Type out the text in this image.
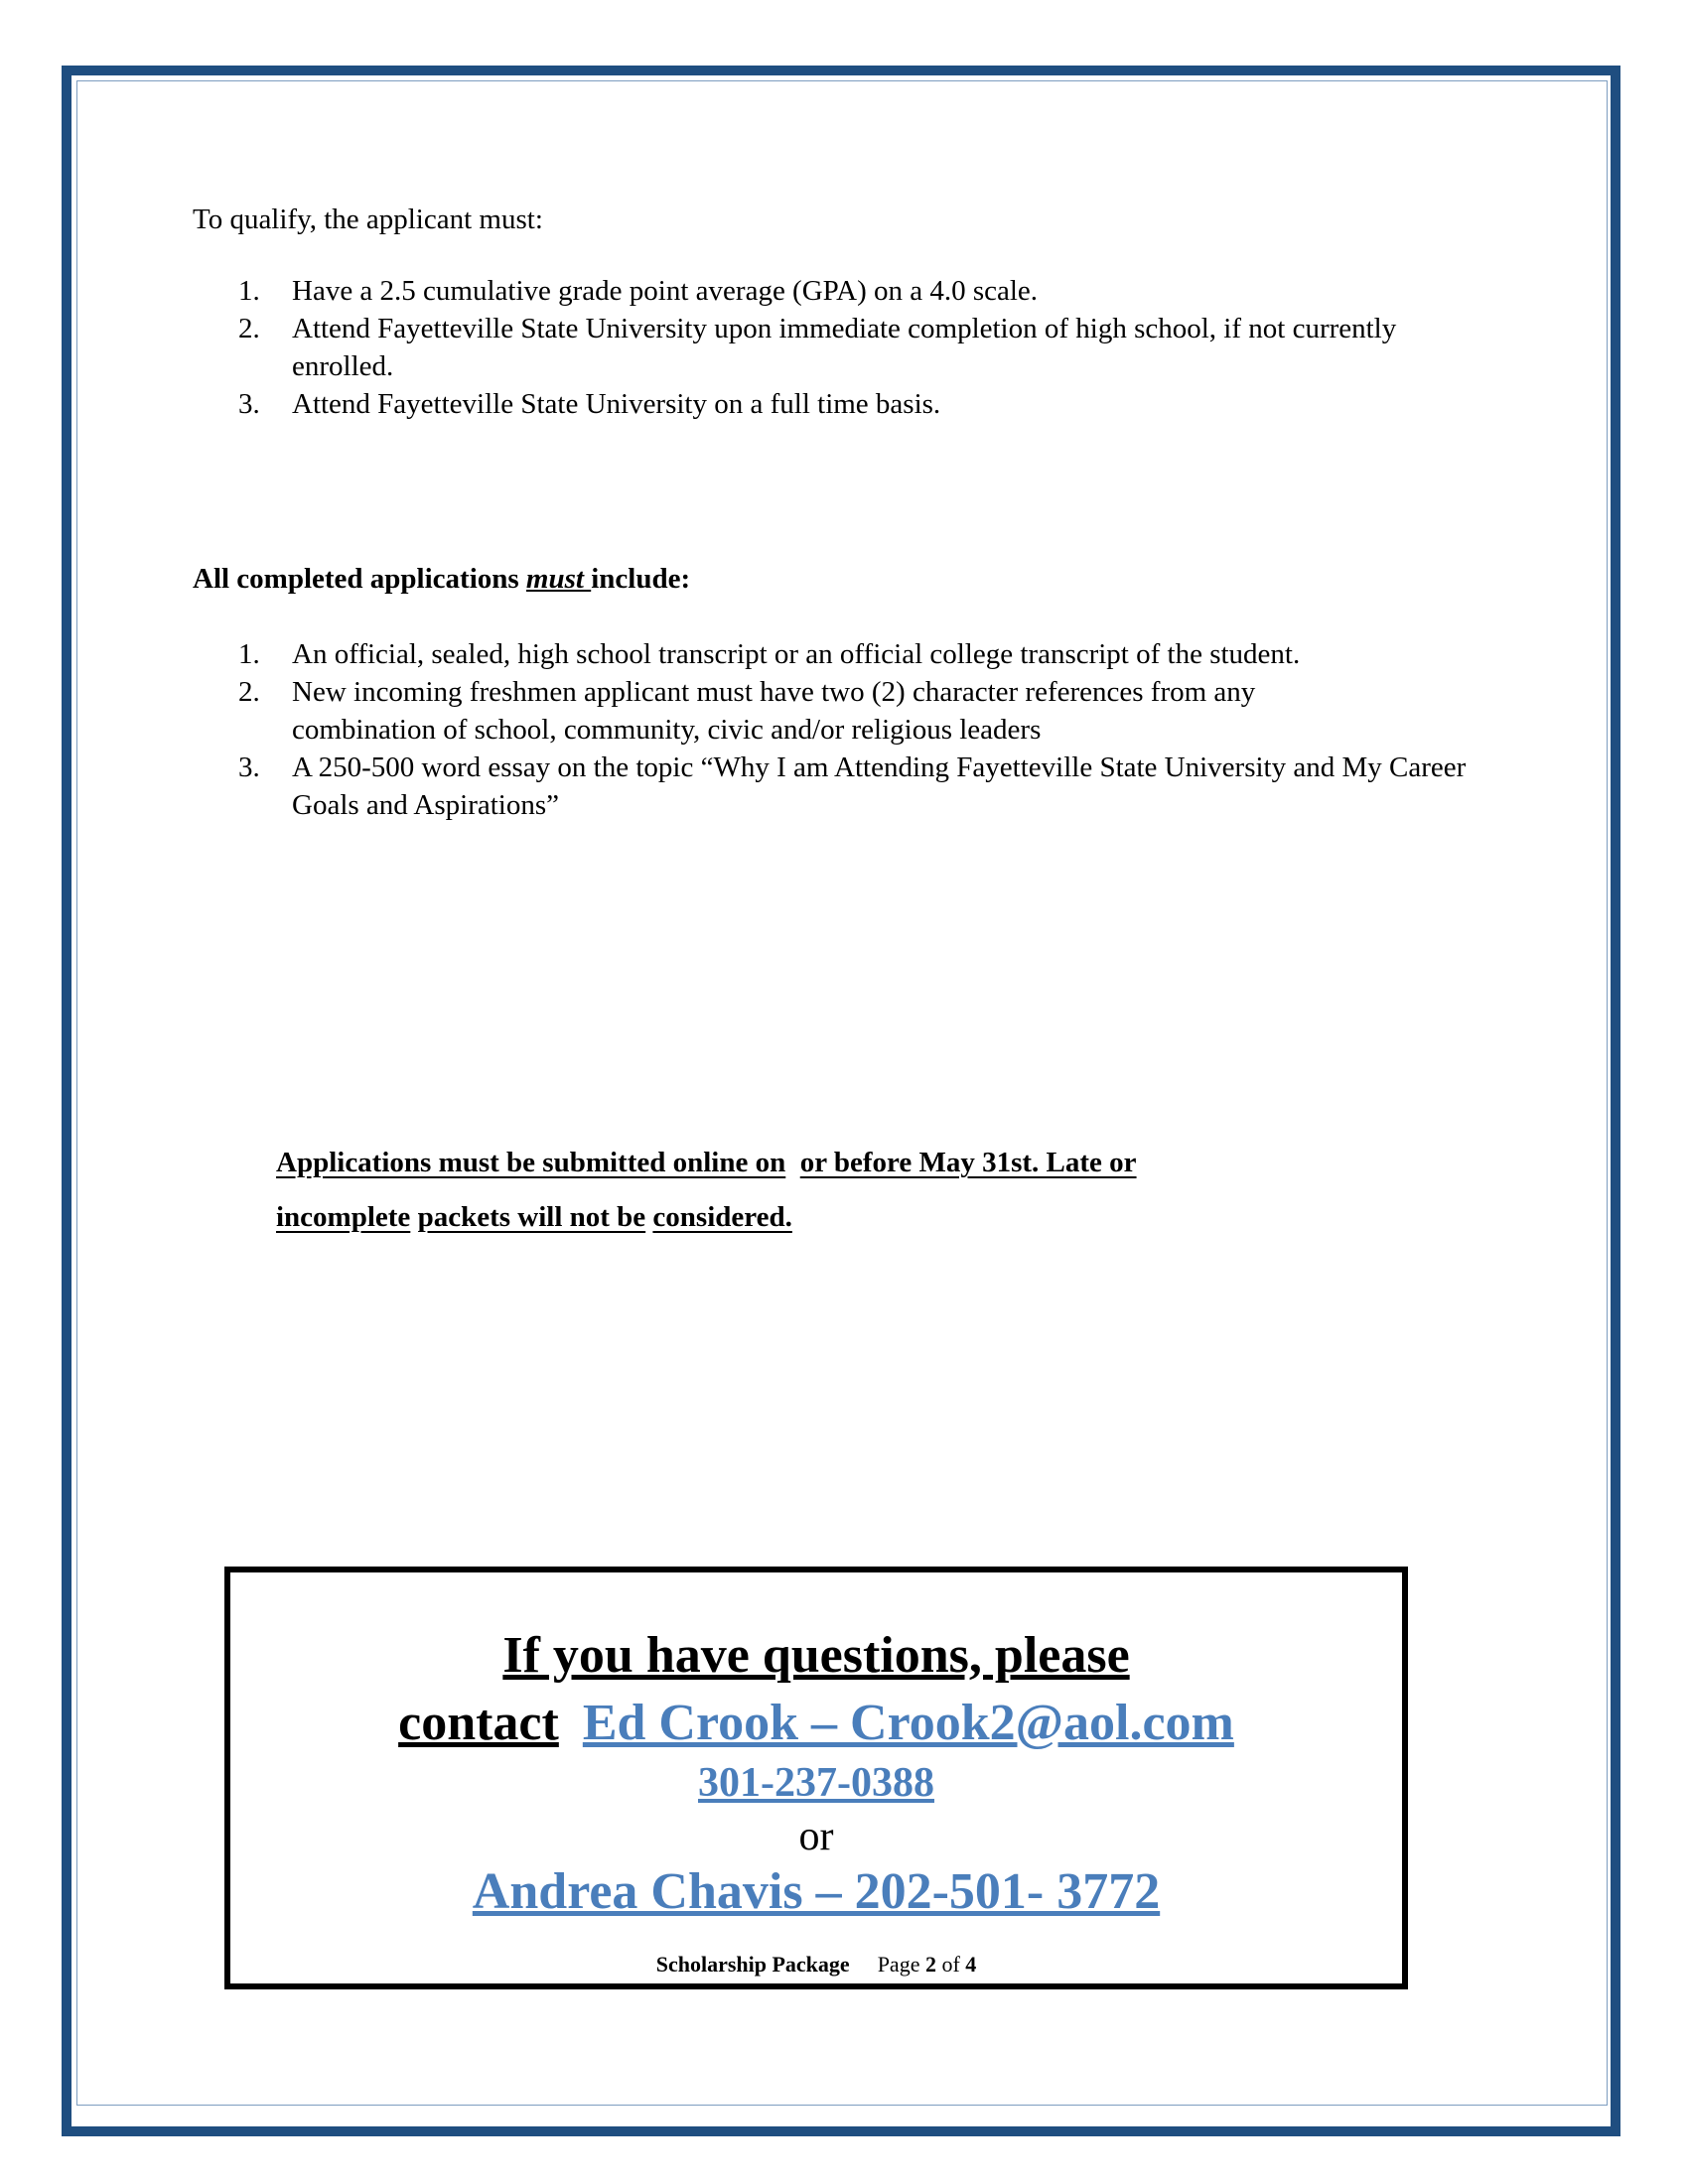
To qualify, the applicant must:
1. Have a 2.5 cumulative grade point average (GPA) on a 4.0 scale.
2. Attend Fayetteville State University upon immediate completion of high school, if not currently enrolled.
3. Attend Fayetteville State University on a full time basis.
All completed applications must include:
1. An official, sealed, high school transcript or an official college transcript of the student.
2. New incoming freshmen applicant must have two (2) character references from any combination of school, community, civic and/or religious leaders
3. A 250-500 word essay on the topic “Why I am Attending Fayetteville State University and My Career Goals and Aspirations”
Applications must be submitted online on or before May 31st. Late or
incomplete packets will not be considered.
If you have questions, please
contact Ed Crook – Crook2@aol.com
301-237-0388
or
Andrea Chavis – 202-501- 3772
Scholarship Package Page 2 of 4
